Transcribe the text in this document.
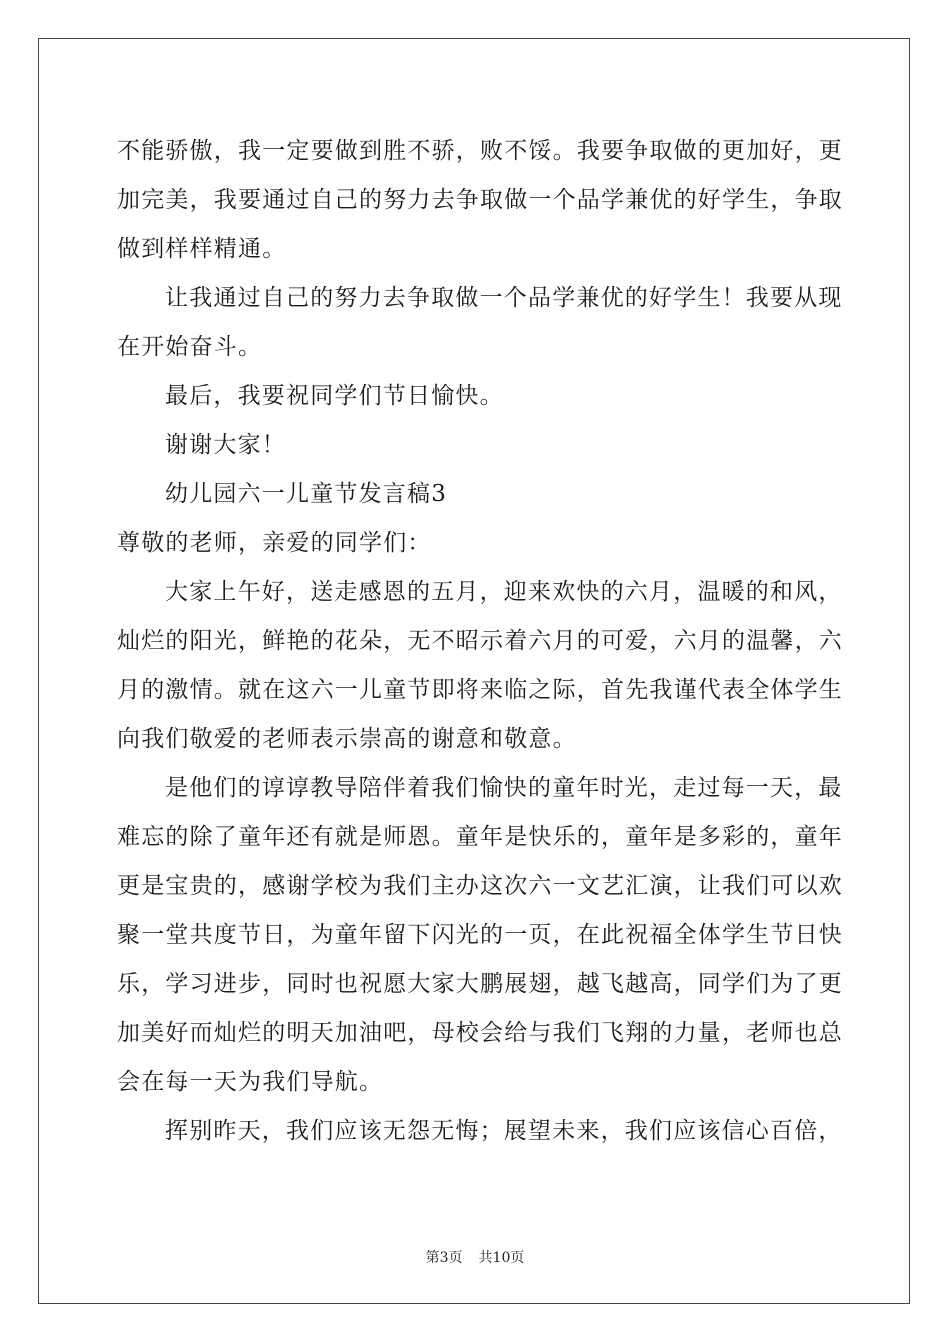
不能骄傲，我一定要做到胜不骄，败不馁。我要争取做的更加好，更
加完美，我要通过自己的努力去争取做一个品学兼优的好学生，争取
做到样样精通。
让我通过自己的努力去争取做一个品学兼优的好学生！我要从现
在开始奋斗。
最后，我要祝同学们节日愉快。
谢谢大家！
幼儿园六一儿童节发言稿3
尊敬的老师，亲爱的同学们：
大家上午好，送走感恩的五月，迎来欢快的六月，温暖的和风，
灿烂的阳光，鲜艳的花朵，无不昭示着六月的可爱，六月的温馨，六
月的激情。就在这六一儿童节即将来临之际，首先我谨代表全体学生
向我们敬爱的老师表示崇高的谢意和敬意。
是他们的谆谆教导陪伴着我们愉快的童年时光，走过每一天，最
难忘的除了童年还有就是师恩。童年是快乐的，童年是多彩的，童年
更是宝贵的，感谢学校为我们主办这次六一文艺汇演，让我们可以欢
聚一堂共度节日，为童年留下闪光的一页，在此祝福全体学生节日快
乐，学习进步，同时也祝愿大家大鹏展翅，越飞越高，同学们为了更
加美好而灿烂的明天加油吧，母校会给与我们飞翔的力量，老师也总
会在每一天为我们导航。
挥别昨天，我们应该无怨无悔；展望未来，我们应该信心百倍，
第3页 共10页
